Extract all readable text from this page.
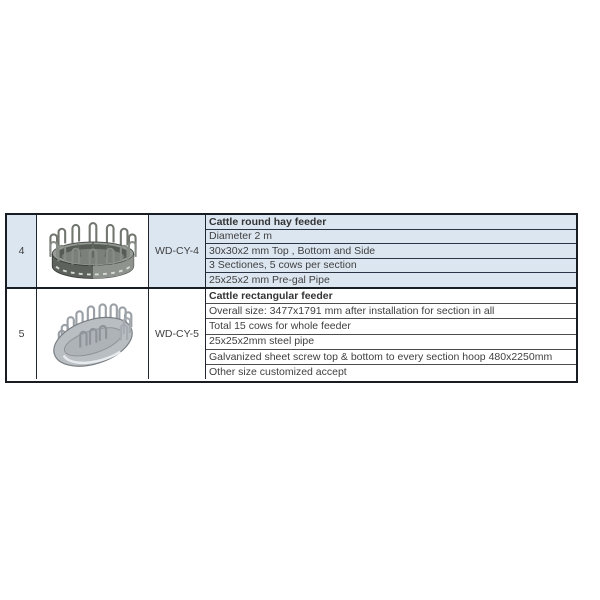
4	WD-CY-4
Cattle round hay feeder
Diameter 2 m
30x30x2 mm Top , Bottom and Side
3 Sectiones, 5 cows per section
25x25x2 mm Pre-gal Pipe
5	WD-CY-5
Cattle rectangular feeder
Overall size: 3477x1791 mm after installation for section in all
Total 15 cows for whole feeder
25x25x2mm steel pipe
Galvanized sheet screw top & bottom to every section hoop 480x2250mm
Other size customized accept
